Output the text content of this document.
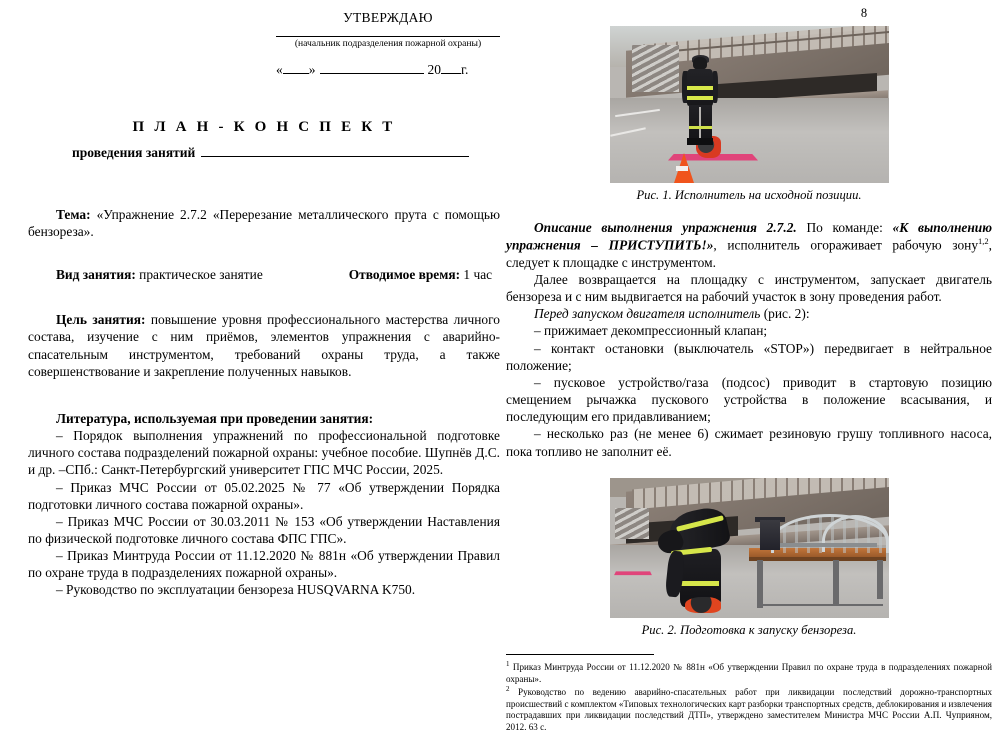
УТВЕРЖДАЮ
(начальник подразделения пожарной охраны)
« »	20 г.
П Л А Н - К О Н С П Е К Т
проведения занятий

Тема: «Упражнение 2.7.2 «Перерезание металлического прута с помощью бензореза».

Вид занятия: практическое занятие	Отводимое время: 1 час

Цель занятия: повышение уровня профессионального мастерства личного состава, изучение с ним приёмов, элементов упражнения с аварийно-спасательным инструментом, требований охраны труда, а также совершенствование и закрепление полученных навыков.

Литература, используемая при проведении занятия:

– Порядок выполнения упражнений по профессиональной подготовке личного состава подразделений пожарной охраны: учебное пособие. Шупнёв Д.С. и др. –СПб.: Санкт-Петербургский университет ГПС МЧС России, 2025.

– Приказ МЧС России от 05.02.2025 № 77 «Об утверждении Порядка подготовки личного состава пожарной охраны».

– Приказ МЧС России от 30.03.2011 № 153 «Об утверждении Наставления по физической подготовке личного состава ФПС ГПС».

– Приказ Минтруда России от 11.12.2020 № 881н «Об утверждении Правил по охране труда в подразделениях пожарной охраны».

– Руководство по эксплуатации бензореза HUSQVARNA K750.

8
Рис. 1. Исполнитель на исходной позиции.

Описание выполнения упражнения 2.7.2. По команде: «К выполнению упражнения – ПРИСТУПИТЬ!», исполнитель огораживает рабочую зону$^{1,2}$, следует к площадке с инструментом.

Далее возвращается на площадку с инструментом, запускает двигатель бензореза и с ним выдвигается на рабочий участок в зону проведения работ.

Перед запуском двигателя исполнитель (рис. 2):

– прижимает декомпрессионный клапан;

– контакт остановки (выключатель «STOP») передвигает в нейтральное положение;

– пусковое устройство/газа (подсос) приводит в стартовую позицию смещением рычажка пускового устройства в положение всасывания, и последующим его придавливанием;

– несколько раз (не менее 6) сжимает резиновую грушу топливного насоса, пока топливо не заполнит её.

Рис. 2. Подготовка к запуску бензореза.

$^1$ Приказ Минтруда России от 11.12.2020 № 881н «Об утверждении Правил по охране труда в подразделениях пожарной охраны».

$^2$ Руководство по ведению аварийно-спасательных работ при ликвидации последствий дорожно-транспортных происшествий с комплектом «Типовых технологических карт разборки транспортных средств, деблокирования и извлечения пострадавших при ликвидации последствий ДТП», утверждено заместителем Министра МЧС России А.П. Чуприяном, 2012. 63 с.
